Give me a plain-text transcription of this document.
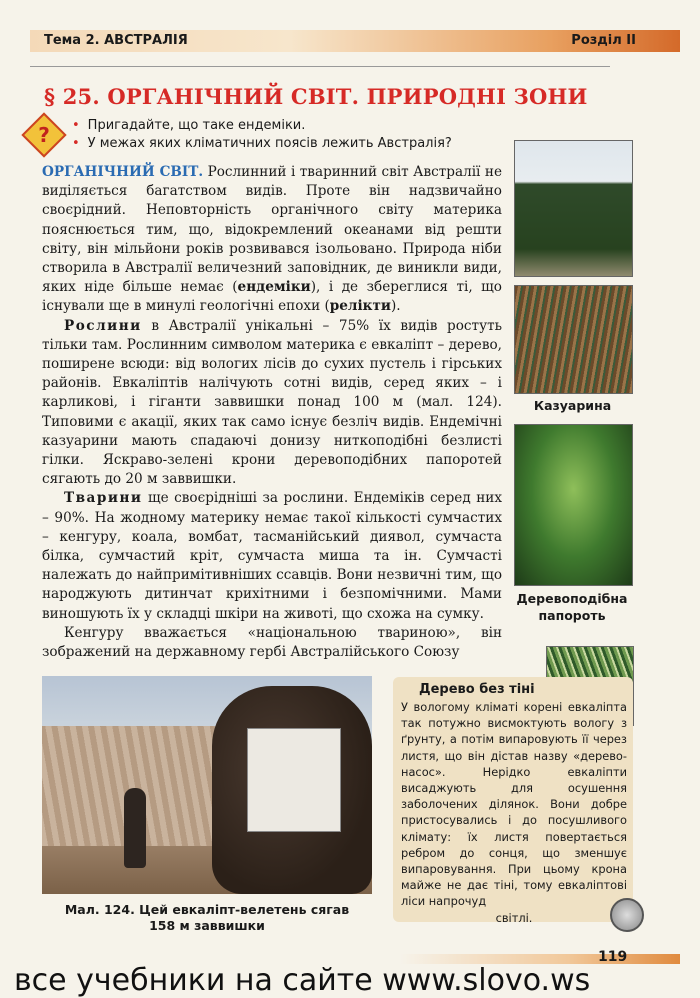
Тема 2. АВСТРАЛІЯ	Розділ II
§ 25. ОРГАНІЧНИЙ СВІТ. ПРИРОДНІ ЗОНИ
?
•	Пригадайте, що таке ендеміки.
• У межах яких кліматичних поясів лежить Австралія?

ОРГАНІЧНИЙ СВІТ. Рослинний і тваринний світ Австралії не виділяється багатством видів. Проте він надзвичайно своєрідний. Неповторність органічного світу материка пояснюється тим, що, відокремлений океанами від решти світу, він мільйони років розвивався ізольовано. Природа ніби створила в Австралії величезний заповідник, де виникли види, яких ніде більше немає (ендеміки), і де збереглися ті, що існували ще в минулі геологічні епохи (релікти).

Рослини в Австралії унікальні – 75% їх видів ростуть тільки там. Рослинним символом материка є евкаліпт – дерево, поширене всюди: від вологих лісів до сухих пустель і гірських районів. Евкаліптів налічують сотні видів, серед яких – і карликові, і гіганти заввишки понад 100 м (мал. 124). Типовими є акації, яких так само існує безліч видів. Ендемічні казуарини мають спадаючі донизу ниткоподібні безлисті гілки. Яскраво-зелені крони деревоподібних папоротей сягають до 20 м заввишки.

Тварини ще своєрідніші за рослини. Ендеміків серед них – 90%. На жодному материку немає такої кількості сумчастих – кенгуру, коала, вомбат, тасманійський диявол, сумчаста білка, сумчастий кріт, сумчаста миша та ін. Сумчасті належать до найпримітивніших ссавців. Вони незвичні тим, що народжують дитинчат крихітними і безпомічними. Мами виношують їх у складці шкіри на животі, що схожа на сумку.

Кенгуру вважається «національною твариною», він зображений на державному гербі Австралійського Союзу

Казуарина
Деревоподібна
папороть
Мал. 124. Цей евкаліпт-велетень сягав
158 м заввишки
Дерево без тіні
У вологому кліматі корені евкаліпта так потужно висмоктують вологу з ґрунту, а потім випаровують її через листя, що він дістав назву «дерево-насос». Нерідко евкаліпти висаджують для осушення заболочених ділянок. Вони добре пристосувались і до посушливого клімату: їх листя повертається ребром до сонця, що зменшує випаровування. При цьому крона майже не дає тіні, тому евкаліптові ліси напрочуд
світлі.
119
все учебники на сайте www.slovo.ws
